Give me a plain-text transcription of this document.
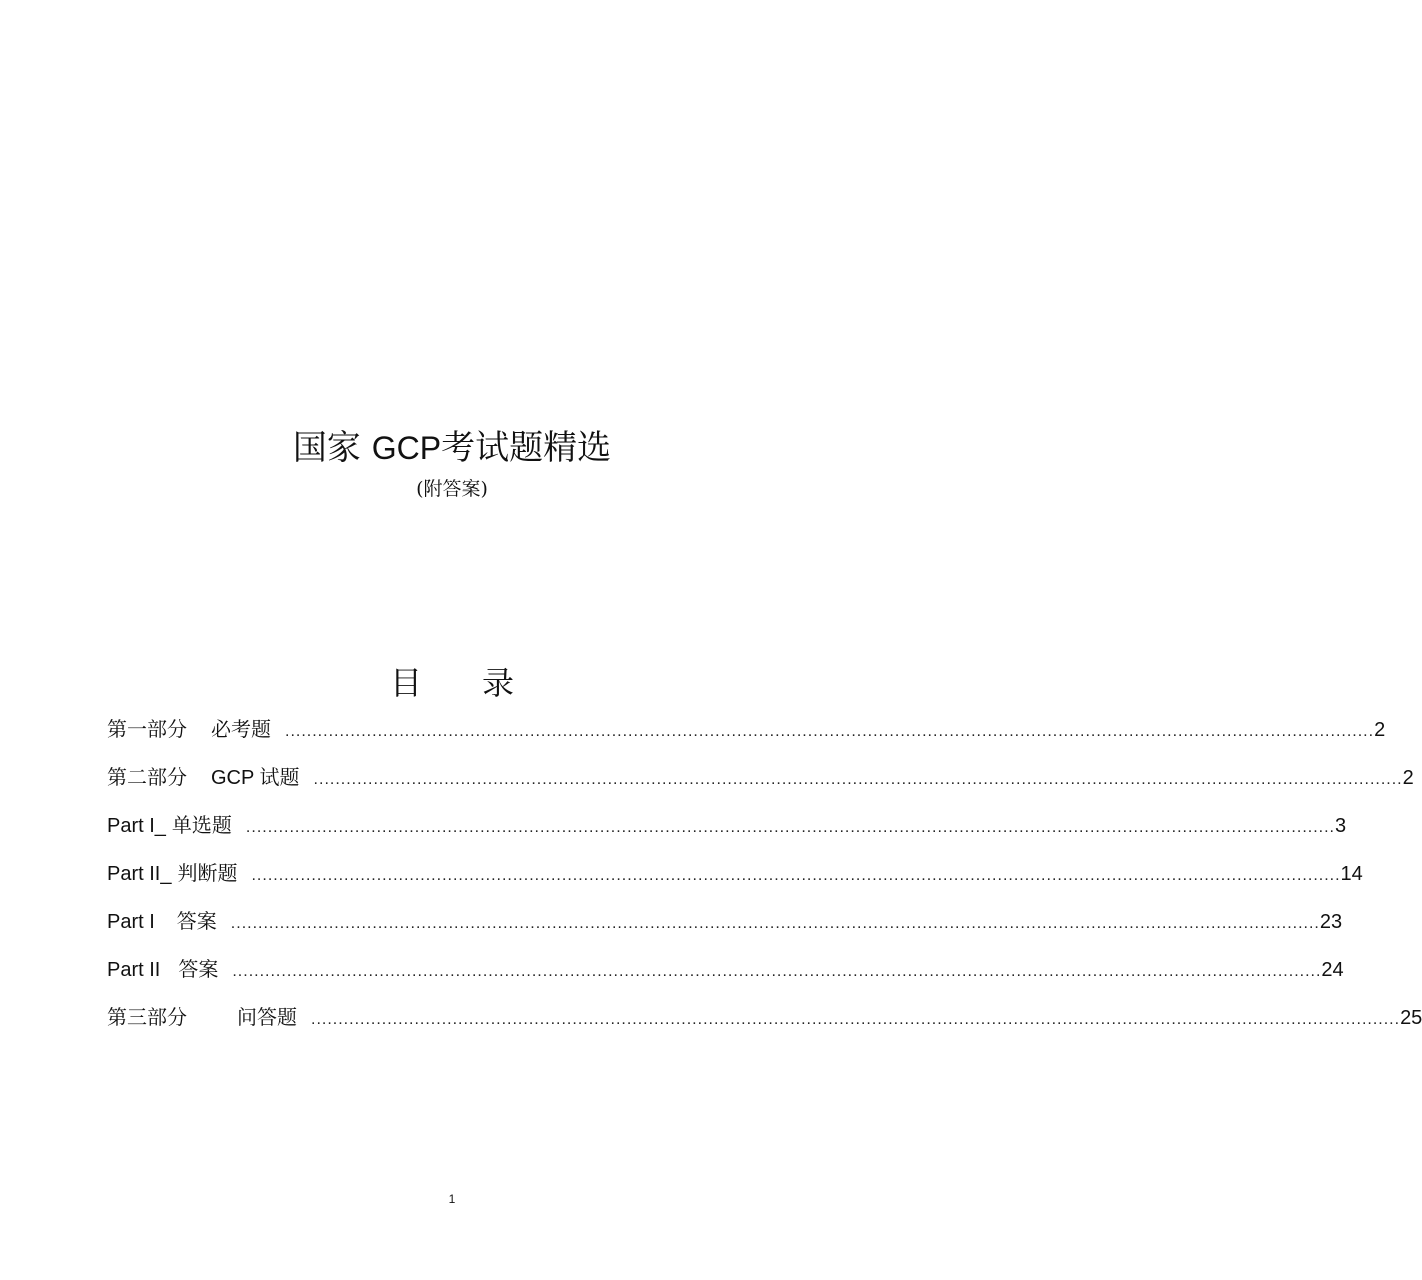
国家 GCP考试题精选
(附答案)
目 录
第一部分 必考题 ........................................................................................................................................................................................................ 2
第二部分 GCP 试题 ........................................................................................................................................................................................................ 2
Part I_ 单选题 ........................................................................................................................................................................................................ 3
Part II_ 判断题 ........................................................................................................................................................................................................ 14
Part I 答案 ........................................................................................................................................................................................................ 23
Part II 答案 ........................................................................................................................................................................................................ 24
第三部分	问答题 ........................................................................................................................................................................................................ 25
1
